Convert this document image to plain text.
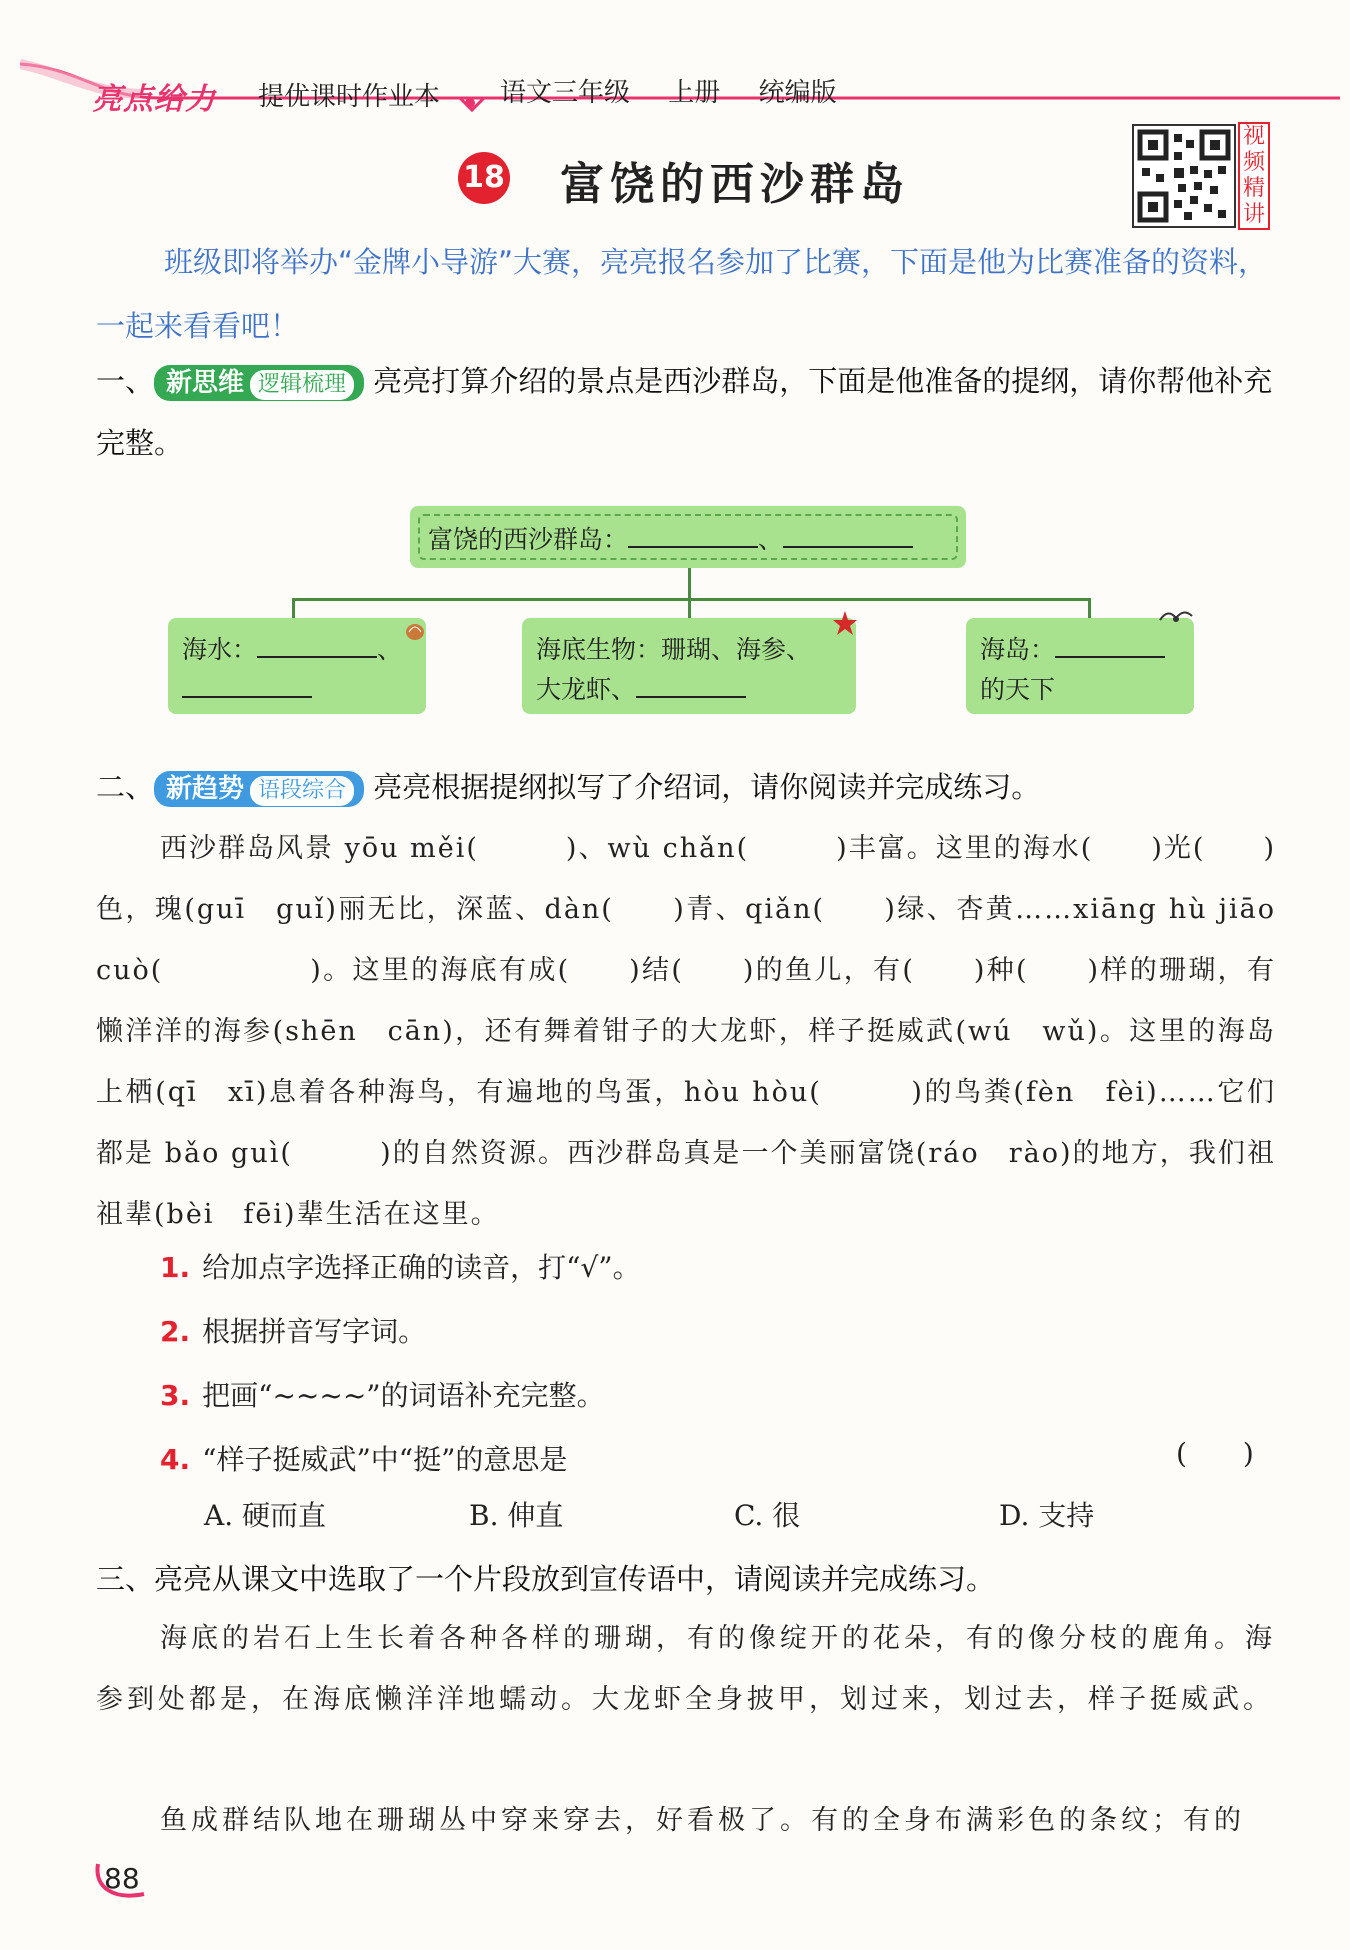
亮点给力 提优课时作业本 语文三年级 上册 统编版
18 富饶的西沙群岛
视频精讲
班级即将举办“金牌小导游”大赛，亮亮报名参加了比赛，下面是他为比赛准备的资料，一起来看看吧！
一、 新思维 逻辑梳理 亮亮打算介绍的景点是西沙群岛，下面是他准备的提纲，请你帮他补充完整。
富饶的西沙群岛：	、
海水：	、	海底生物：珊瑚、海参、
大龙虾、
海岛：
的天下
二、 新趋势 语段综合 亮亮根据提纲拟写了介绍词，请你阅读并完成练习。
西沙群岛风景 yōu měi(　　　)、wù chǎn(　　　)丰富。这里的海水(　　)光(　　)色，瑰(guī　guǐ)丽无比，深蓝、dàn(　　)青、qiǎn(　　)绿、杏黄……xiāng hù jiāo cuò(　　　　　)。这里的海底有成(　　)结(　　)的鱼儿，有(　　)种(　　)样的珊瑚，有懒洋洋的海参(shēn　cān)，还有舞着钳子的大龙虾，样子挺威武(wú　wǔ)。这里的海岛上栖(qī　xī)息着各种海鸟，有遍地的鸟蛋，hòu hòu(　　　)的鸟粪(fèn　fèi)……它们都是 bǎo guì(　　　)的自然资源。西沙群岛真是一个美丽富饶(ráo　rào)的地方，我们祖祖辈(bèi　fēi)辈生活在这里。
1. 给加点字选择正确的读音，打“√”。
2. 根据拼音写字词。
3. 把画“~~~~”的词语补充完整。
4. “样子挺威武”中“挺”的意思是	(　　)
A. 硬而直	B. 伸直	C. 很	D. 支持
三、亮亮从课文中选取了一个片段放到宣传语中，请阅读并完成练习。
海底的岩石上生长着各种各样的珊瑚，有的像绽开的花朵，有的像分枝的鹿角。海参到处都是，在海底懒洋洋地蠕动。大龙虾全身披甲，划过来，划过去，样子挺威武。
鱼成群结队地在珊瑚丛中穿来穿去，好看极了。有的全身布满彩色的条纹；有的
88
